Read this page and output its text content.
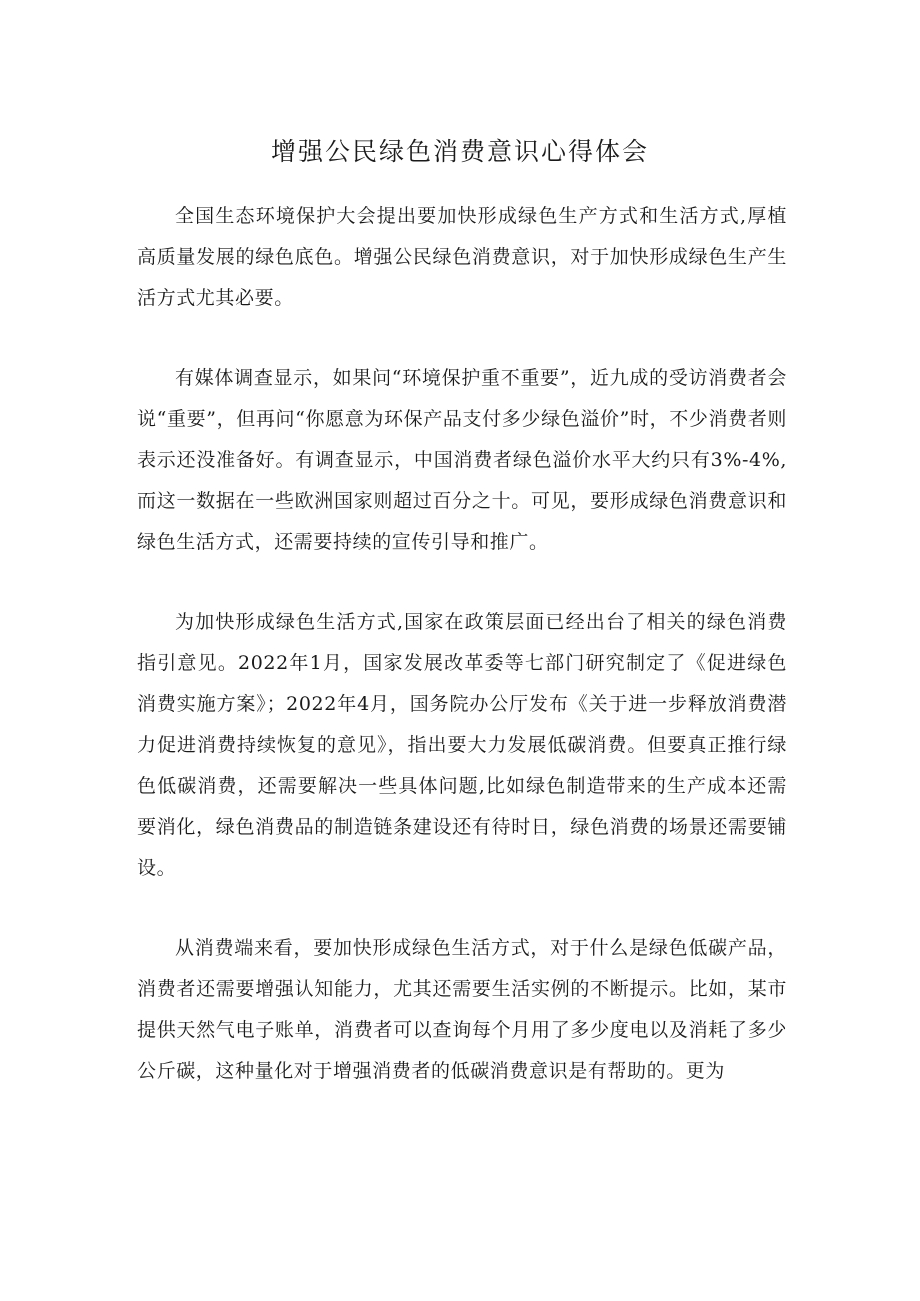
增强公民绿色消费意识心得体会

全国生态环境保护大会提出要加快形成绿色生产方式和生活方式,厚植高质量发展的绿色底色。增强公民绿色消费意识，对于加快形成绿色生产生活方式尤其必要。

有媒体调查显示，如果问“环境保护重不重要”，近九成的受访消费者会说“重要”，但再问“你愿意为环保产品支付多少绿色溢价”时，不少消费者则表示还没准备好。有调查显示，中国消费者绿色溢价水平大约只有3%-4%,而这一数据在一些欧洲国家则超过百分之十。可见，要形成绿色消费意识和绿色生活方式，还需要持续的宣传引导和推广。

为加快形成绿色生活方式,国家在政策层面已经出台了相关的绿色消费指引意见。2022年1月，国家发展改革委等七部门研究制定了《促进绿色消费实施方案》；2022年4月，国务院办公厅发布《关于进一步释放消费潜力促进消费持续恢复的意见》，指出要大力发展低碳消费。但要真正推行绿色低碳消费，还需要解决一些具体问题,比如绿色制造带来的生产成本还需要消化，绿色消费品的制造链条建设还有待时日，绿色消费的场景还需要铺设。

从消费端来看，要加快形成绿色生活方式，对于什么是绿色低碳产品，消费者还需要增强认知能力，尤其还需要生活实例的不断提示。比如，某市提供天然气电子账单，消费者可以查询每个月用了多少度电以及消耗了多少公斤碳，这种量化对于增强消费者的低碳消费意识是有帮助的。更为
